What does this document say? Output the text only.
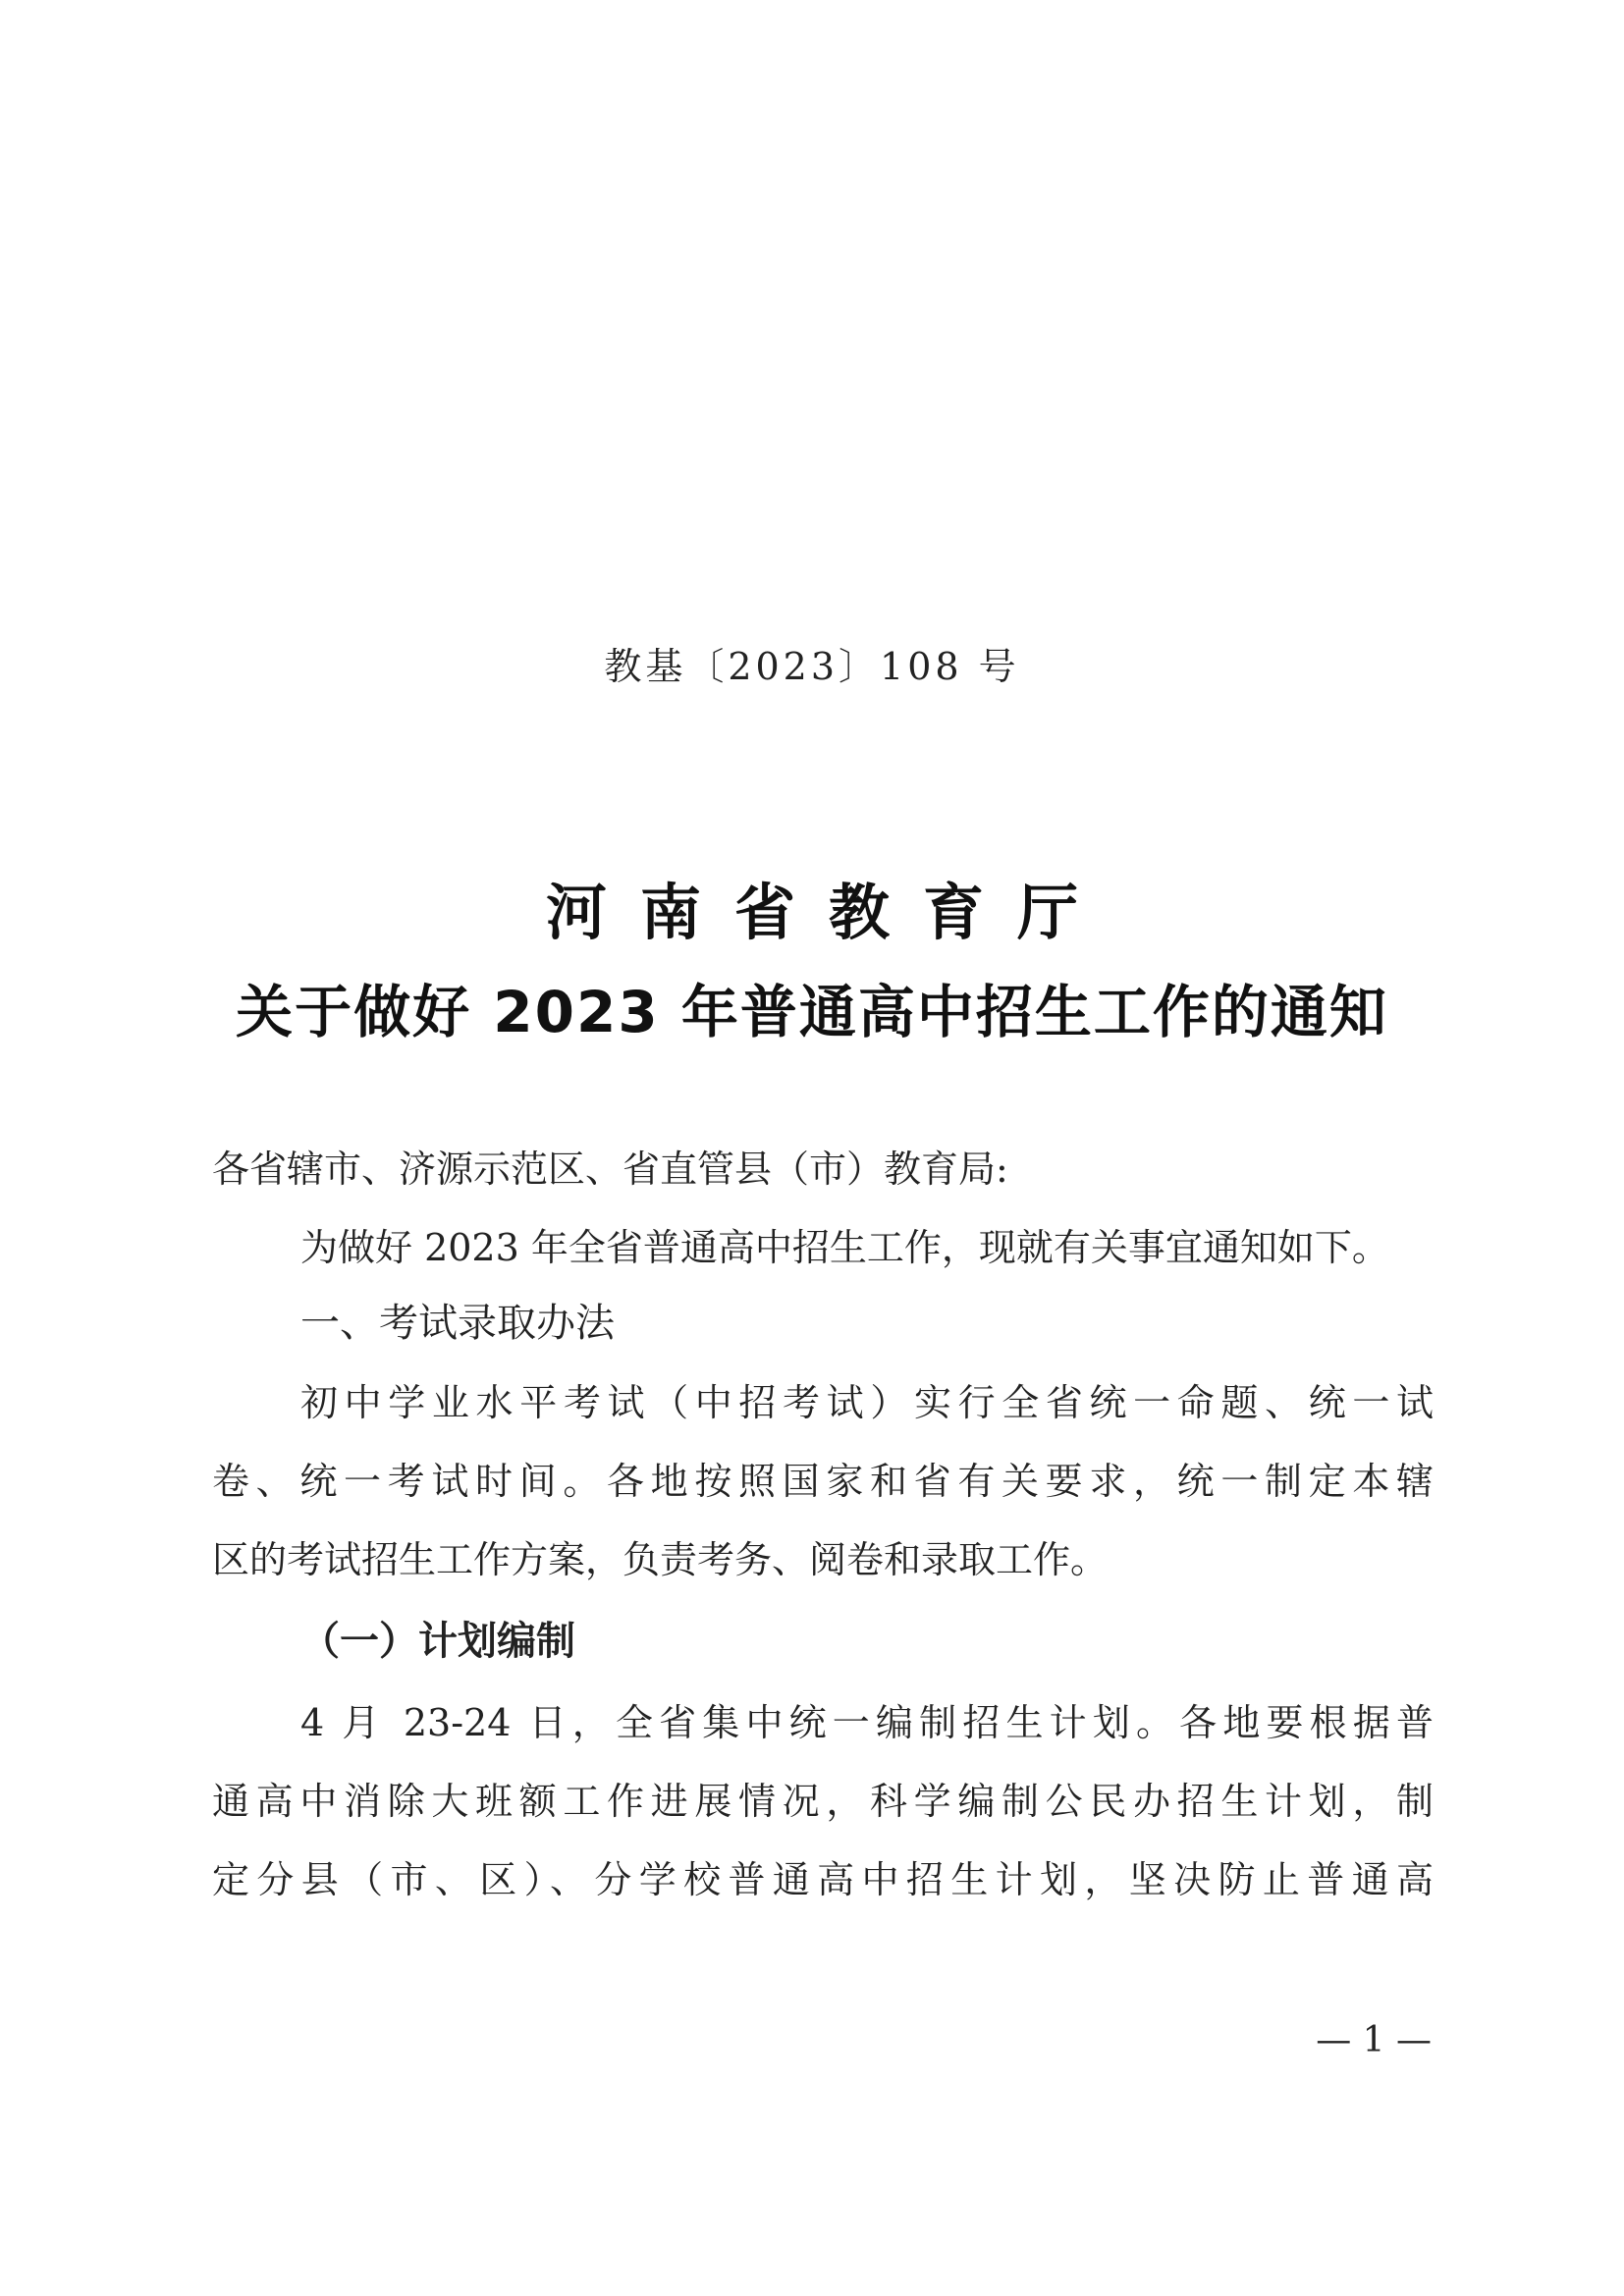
教基〔2023〕108 号
河南省教育厅
关于做好 2023 年普通高中招生工作的通知
各省辖市、济源示范区、省直管县（市）教育局:
为做好 2023 年全省普通高中招生工作，现就有关事宜通知如下。
一、考试录取办法
初中学业水平考试（中招考试）实行全省统一命题、统一试
卷、统一考试时间。各地按照国家和省有关要求，统一制定本辖
区的考试招生工作方案，负责考务、阅卷和录取工作。
（一）计划编制
4 月 23-24 日，全省集中统一编制招生计划。各地要根据普
通高中消除大班额工作进展情况，科学编制公民办招生计划，制
定分县（市、区）、分学校普通高中招生计划，坚决防止普通高
— 1 —
